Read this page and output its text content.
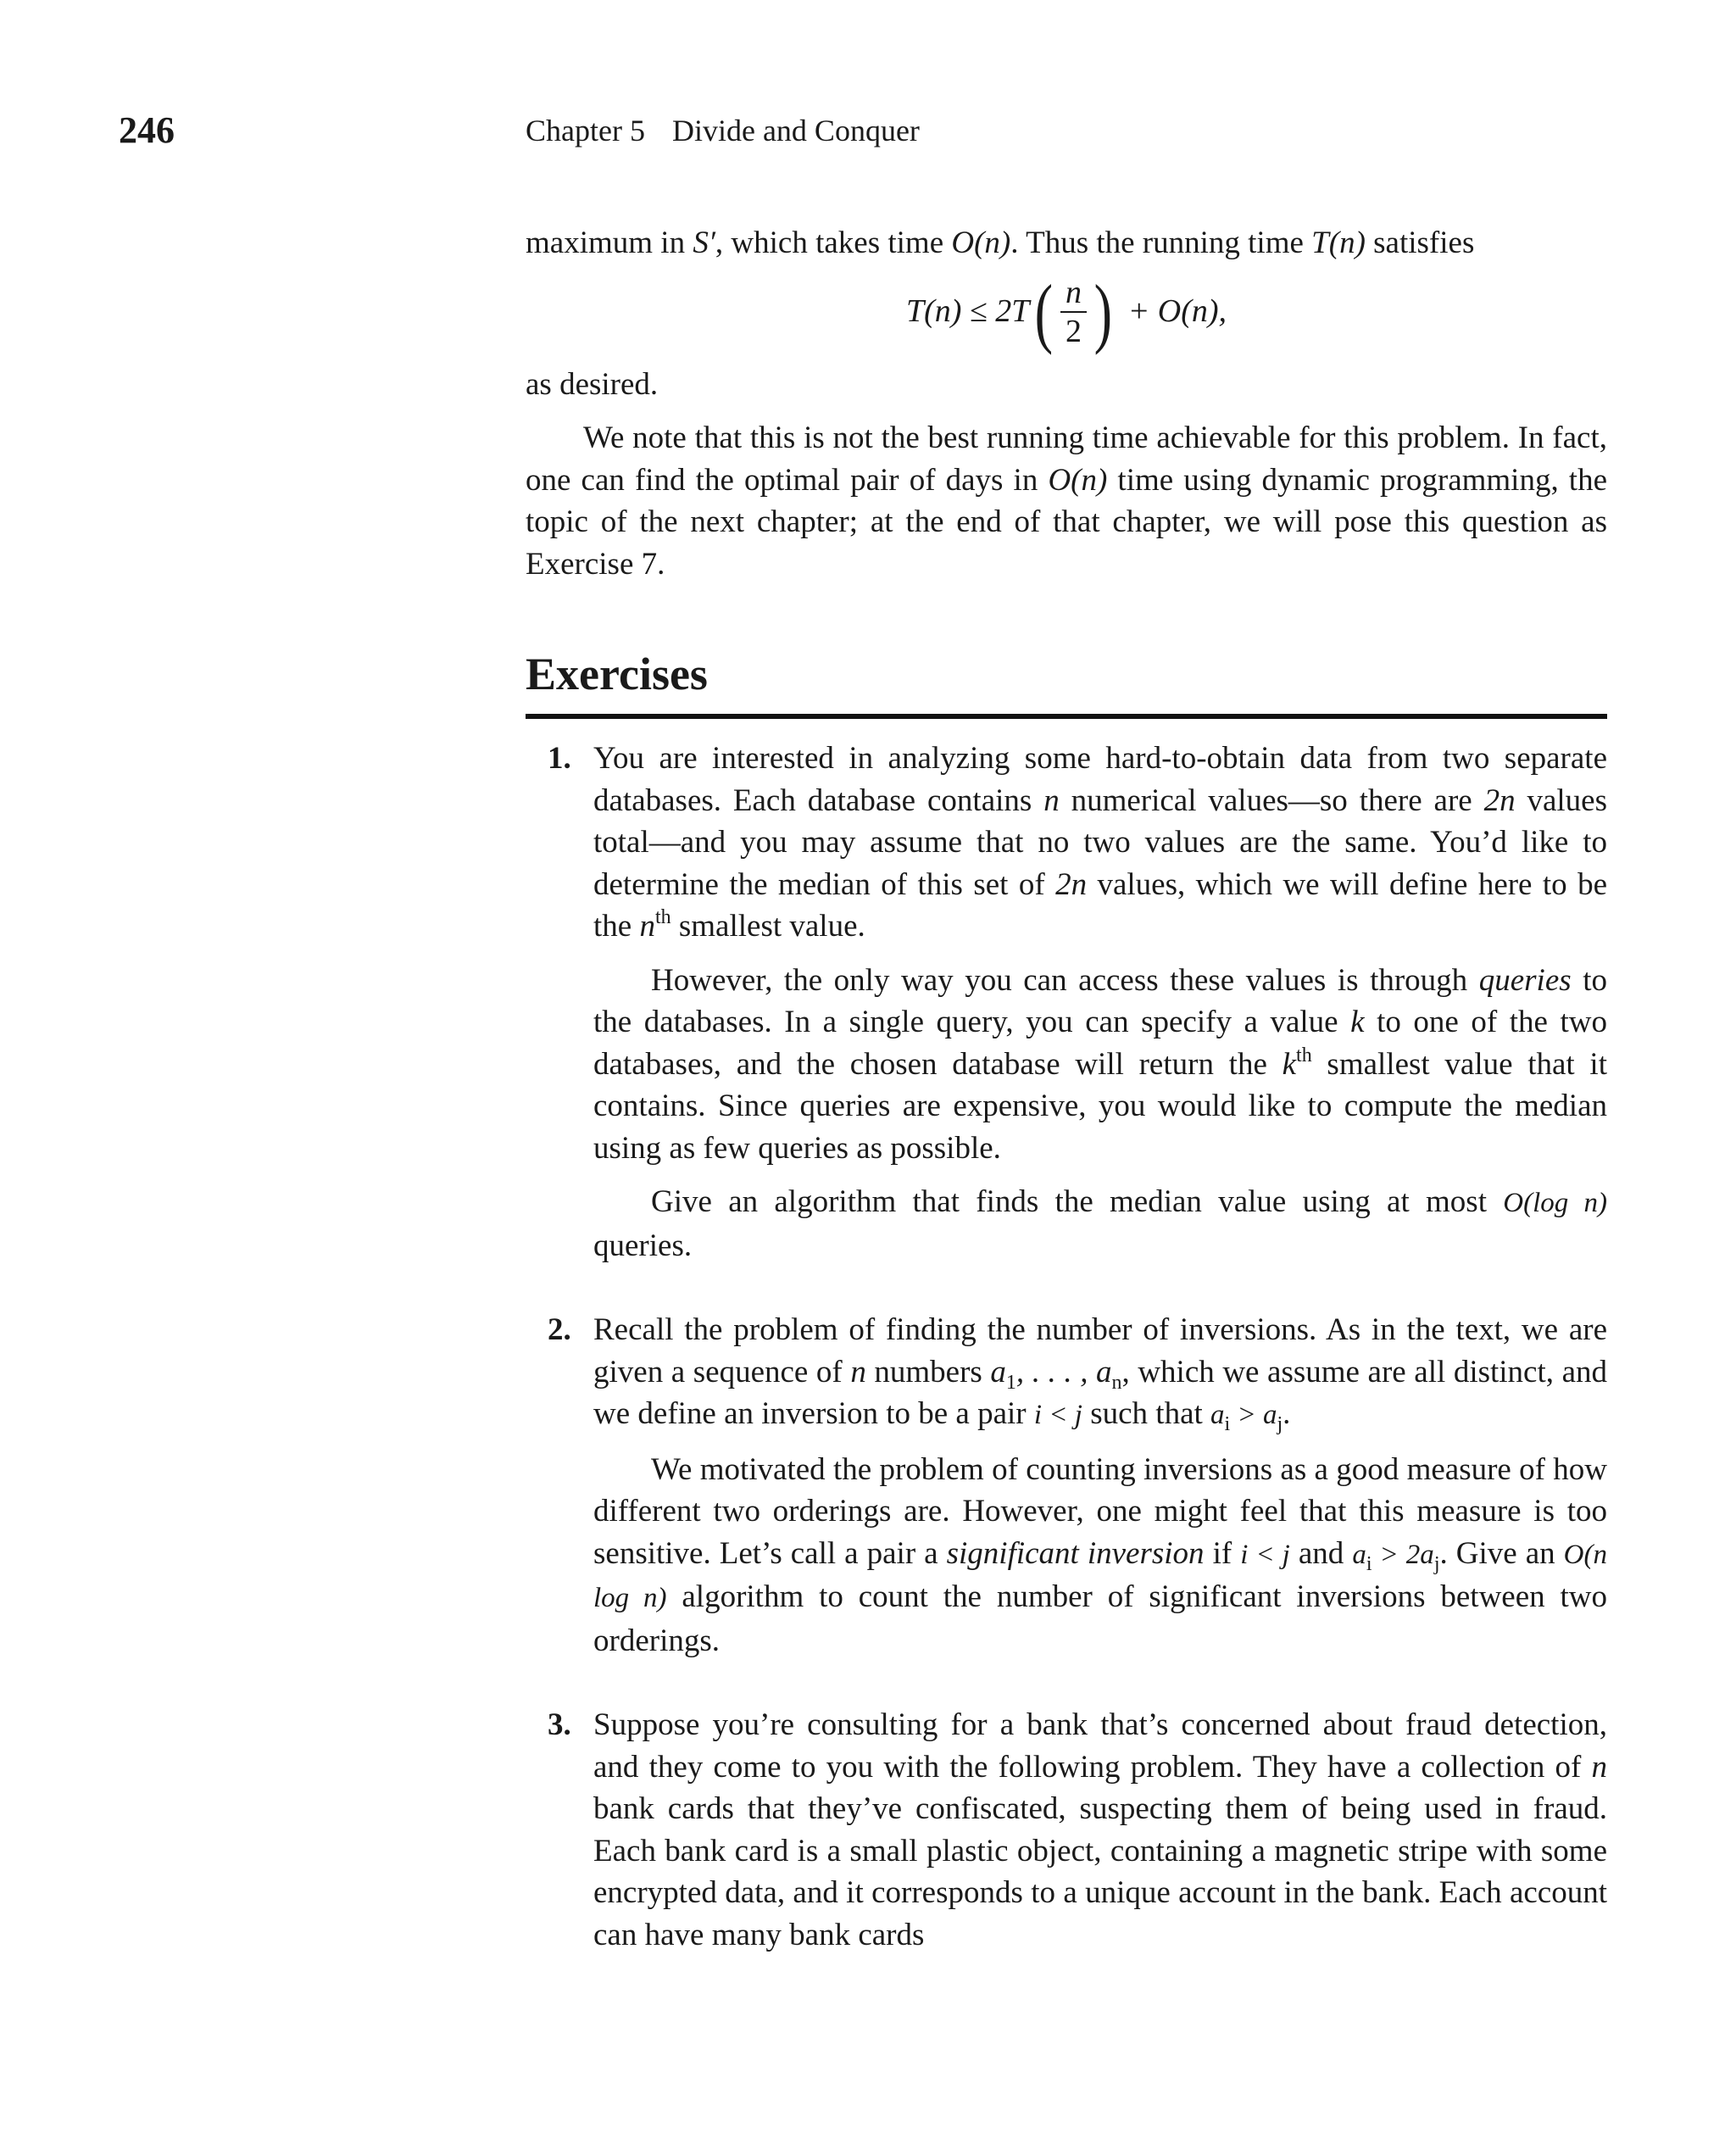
246	Chapter 5 Divide and Conquer

maximum in S′, which takes time O(n). Thus the running time T(n) satisfies

T(n) ≤ 2T ( $\frac{n}{2}$ ) + O(n),

as desired.

We note that this is not the best running time achievable for this problem. In fact, one can find the optimal pair of days in O(n) time using dynamic programming, the topic of the next chapter; at the end of that chapter, we will pose this question as Exercise 7.

Exercises
1. You are interested in analyzing some hard-to-obtain data from two separate databases. Each database contains n numerical values—so there are 2n values total—and you may assume that no two values are the same. You’d like to determine the median of this set of 2n values, which we will define here to be the $n^{th}$ smallest value.

However, the only way you can access these values is through queries to the databases. In a single query, you can specify a value k to one of the two databases, and the chosen database will return the $k^{th}$ smallest value that it contains. Since queries are expensive, you would like to compute the median using as few queries as possible.

Give an algorithm that finds the median value using at most O(log n) queries.

2. Recall the problem of finding the number of inversions. As in the text, we are given a sequence of n numbers $a_1$, . . . , $a_n$, which we assume are all distinct, and we define an inversion to be a pair i < j such that $a_i > a_j$.

We motivated the problem of counting inversions as a good measure of how different two orderings are. However, one might feel that this measure is too sensitive. Let’s call a pair a significant inversion if i < j and $a_i > 2a_j$. Give an O(n log n) algorithm to count the number of significant inversions between two orderings.

3. Suppose you’re consulting for a bank that’s concerned about fraud detection, and they come to you with the following problem. They have a collection of n bank cards that they’ve confiscated, suspecting them of being used in fraud. Each bank card is a small plastic object, containing a magnetic stripe with some encrypted data, and it corresponds to a unique account in the bank. Each account can have many bank cards
